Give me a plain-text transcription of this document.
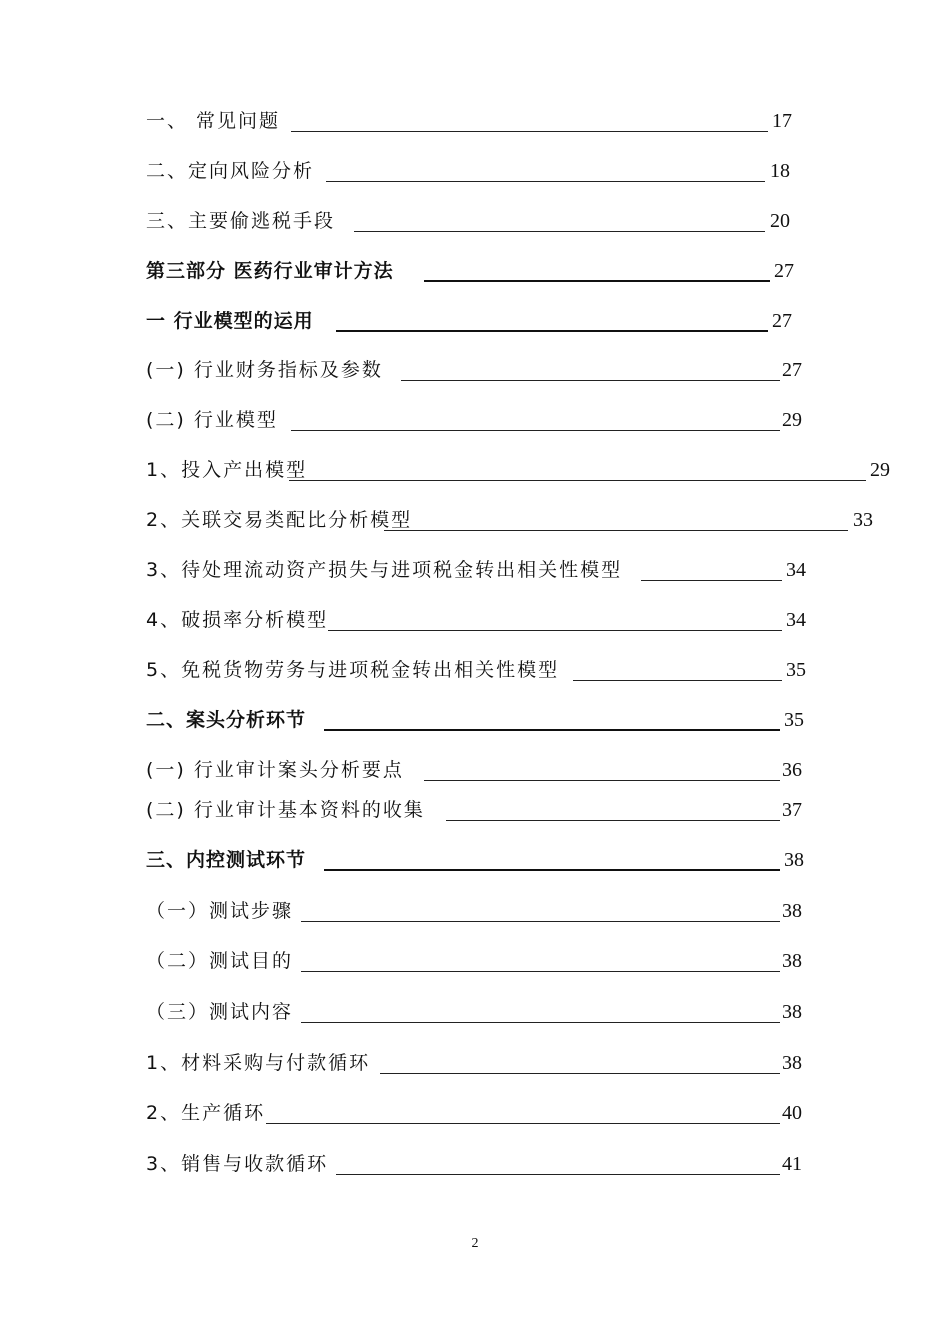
一、 常见问题	17
二、定向风险分析	18
三、主要偷逃税手段	20
第三部分 医药行业审计方法	27
一 行业模型的运用	27
(一) 行业财务指标及参数	27
(二) 行业模型	29
1、投入产出模型	29
2、关联交易类配比分析模型	33
3、待处理流动资产损失与进项税金转出相关性模型	34
4、破损率分析模型	34
5、免税货物劳务与进项税金转出相关性模型	35
二、案头分析环节	35
(一) 行业审计案头分析要点	36
(二) 行业审计基本资料的收集	37
三、内控测试环节	38
（一）测试步骤	38
（二）测试目的	38
（三）测试内容	38
1、材料采购与付款循环	38
2、生产循环	40
3、销售与收款循环	41
2
